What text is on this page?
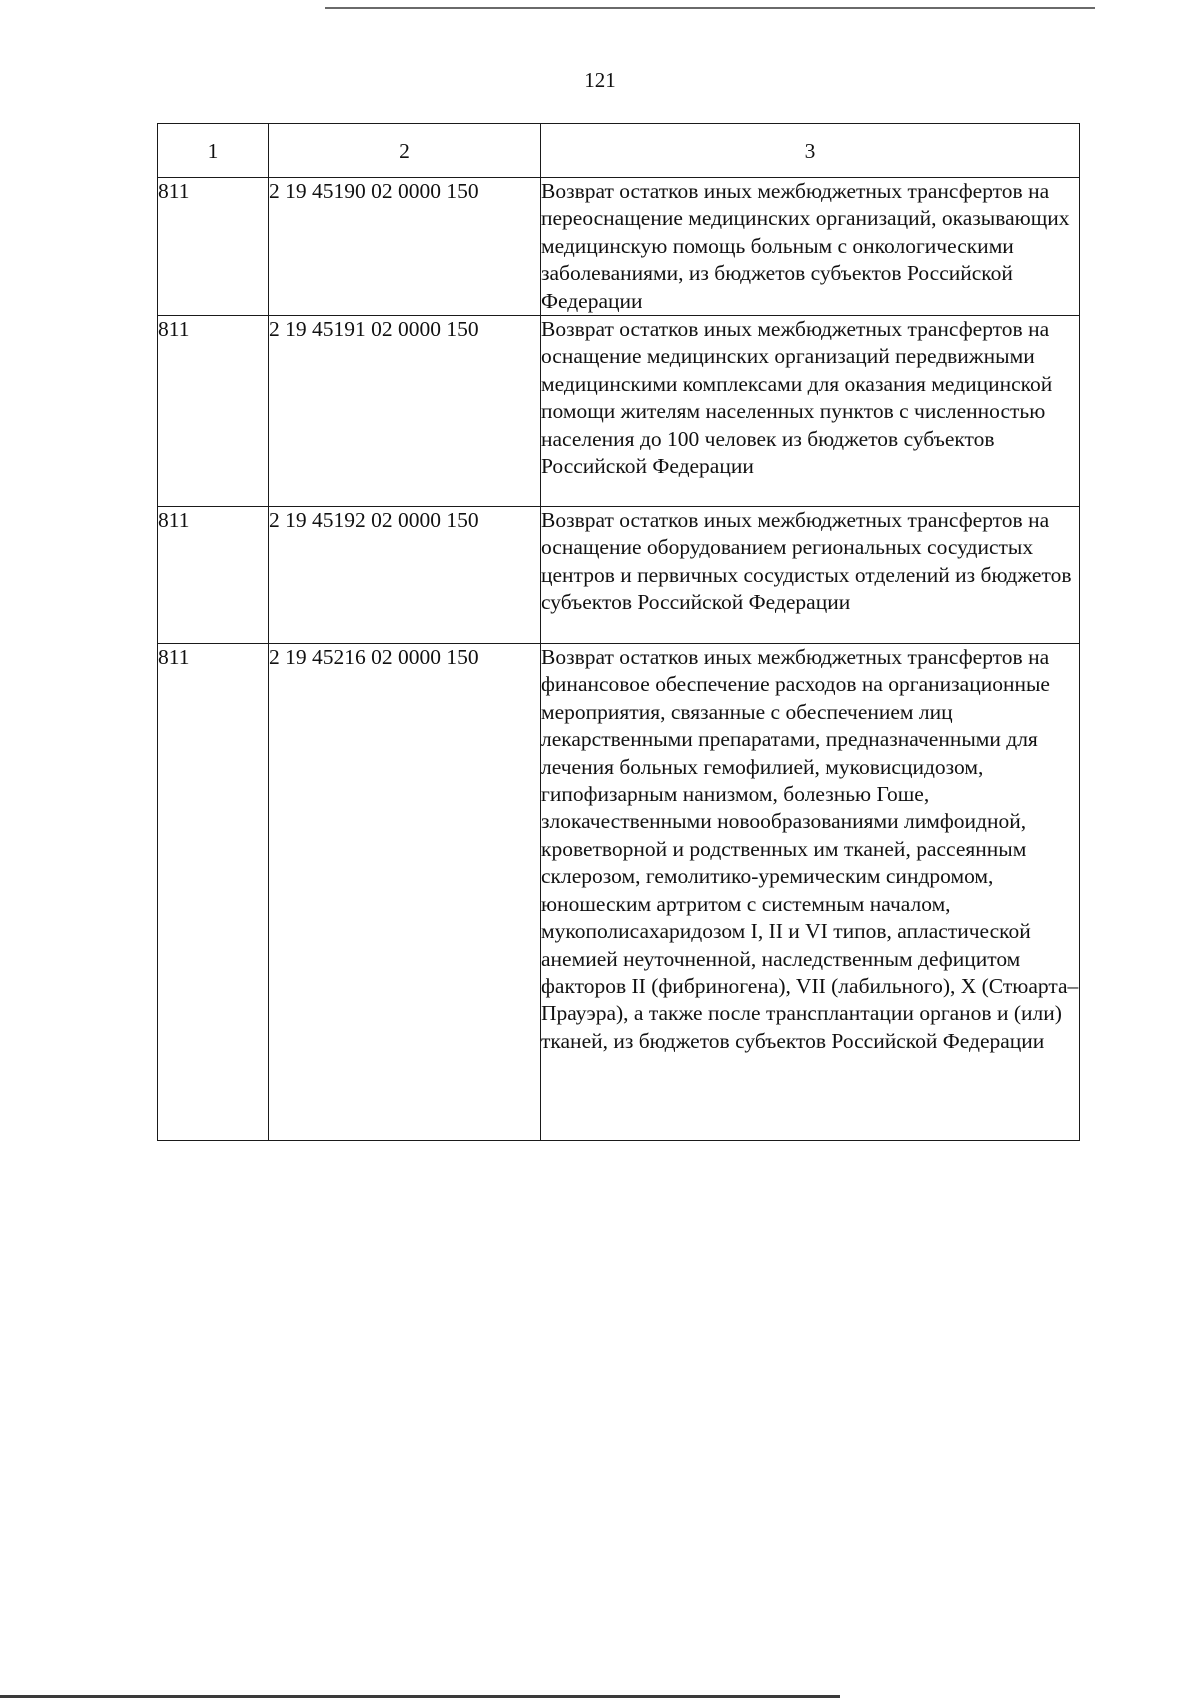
121
1	2	3
811	2 19 45190 02 0000 150	Возврат остатков иных межбюджетных трансфертов на переоснащение медицинских организаций, оказывающих медицинскую помощь больным с онкологическими заболеваниями, из бюджетов субъектов Российской Федерации
811	2 19 45191 02 0000 150	Возврат остатков иных межбюджетных трансфертов на оснащение медицинских организаций передвижными медицинскими комплексами для оказания медицинской помощи жителям населенных пунктов с численностью населения до 100 человек из бюджетов субъектов Российской Федерации
811	2 19 45192 02 0000 150	Возврат остатков иных межбюджетных трансфертов на оснащение оборудованием региональных сосудистых центров и первичных сосудистых отделений из бюджетов субъектов Российской Федерации
811	2 19 45216 02 0000 150	Возврат остатков иных межбюджетных трансфертов на финансовое обеспечение расходов на организационные мероприятия, связанные с обеспечением лиц лекарственными препаратами, предназначенными для лечения больных гемофилией, муковисцидозом, гипофизарным нанизмом, болезнью Гоше, злокачественными новообразованиями лимфоидной, кроветворной и родственных им тканей, рассеянным склерозом, гемолитико-уремическим синдромом, юношеским артритом с системным началом, мукополисахаридозом I, II и VI типов, апластической анемией неуточненной, наследственным дефицитом факторов II (фибриногена), VII (лабильного), X (Стюарта–Прауэра), а также после трансплантации органов и (или) тканей, из бюджетов субъектов Российской Федерации
